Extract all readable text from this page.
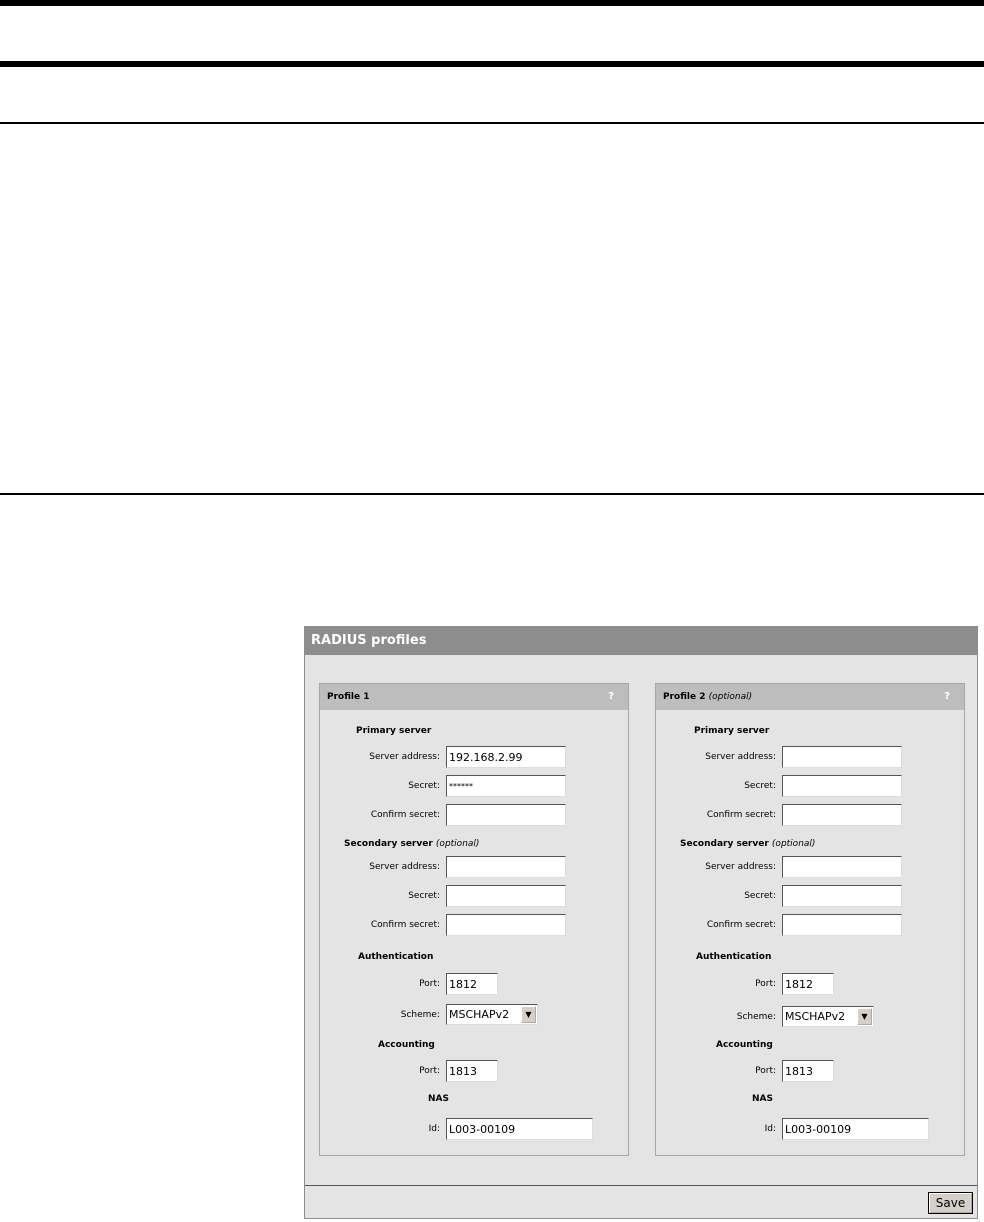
RADIUS profiles
Profile 1	?
Primary server
Server address:
192.168.2.99
Secret:
******
Confirm secret:
Secondary server (optional)
Server address:
Secret:
Confirm secret:
Authentication
Port:
1812
Scheme: MSCHAPv2	▼
Accounting
Port:
1813
NAS
Id:
L003-00109
Profile 2 (optional)	?
Primary server
Server address:
Secret:
Confirm secret:
Secondary server (optional)
Server address:
Secret:
Confirm secret:
Authentication
Port:
1812
Scheme: MSCHAPv2	▼
Accounting
Port:
1813
NAS
Id:
L003-00109
Save
